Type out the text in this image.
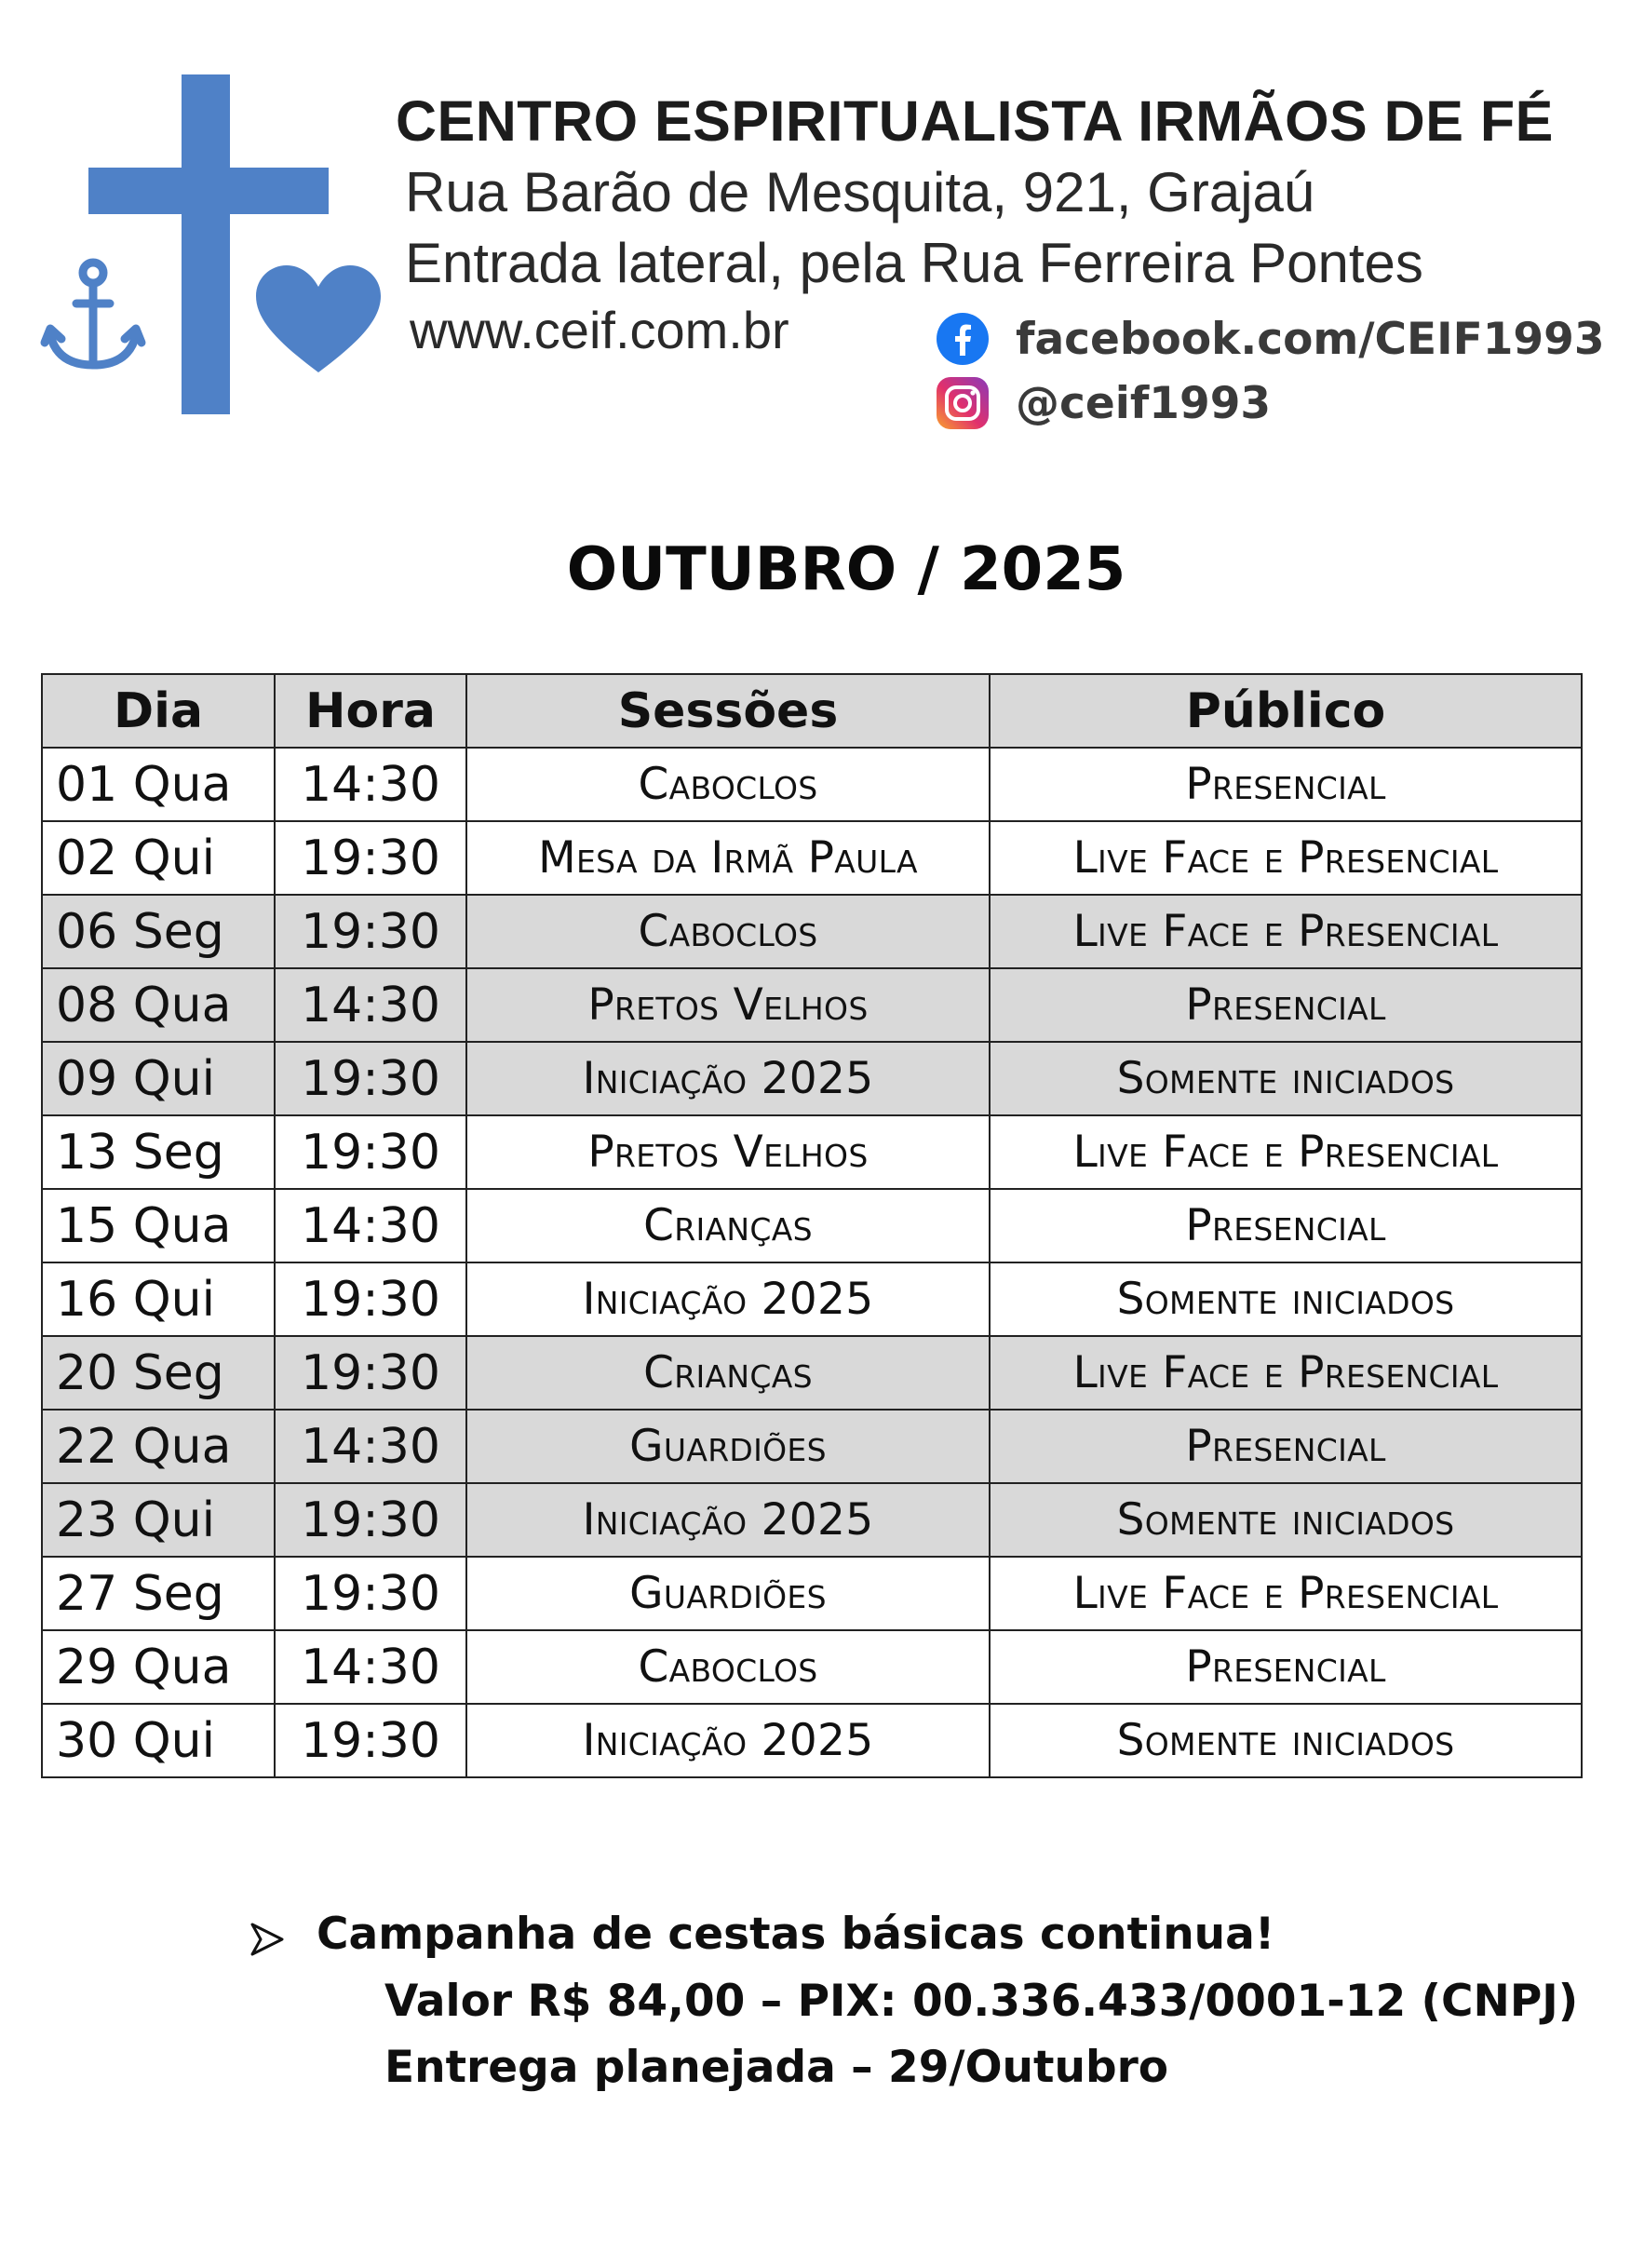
CENTRO ESPIRITUALISTA IRMÃOS DE FÉ
Rua Barão de Mesquita, 921, Grajaú
Entrada lateral, pela Rua Ferreira Pontes
www.ceif.com.br	facebook.com/CEIF1993
@ceif1993
OUTUBRO / 2025
Dia	Hora	Sessões	Público
01 Qua	14:30	Caboclos	Presencial
02 Qui	19:30	Mesa da Irmã Paula	Live Face e Presencial
06 Seg	19:30	Caboclos	Live Face e Presencial
08 Qua	14:30	Pretos Velhos	Presencial
09 Qui	19:30	Iniciação 2025	Somente iniciados
13 Seg	19:30	Pretos Velhos	Live Face e Presencial
15 Qua	14:30	Crianças	Presencial
16 Qui	19:30	Iniciação 2025	Somente iniciados
20 Seg	19:30	Crianças	Live Face e Presencial
22 Qua	14:30	Guardiões	Presencial
23 Qui	19:30	Iniciação 2025	Somente iniciados
27 Seg	19:30	Guardiões	Live Face e Presencial
29 Qua	14:30	Caboclos	Presencial
30 Qui	19:30	Iniciação 2025	Somente iniciados
Campanha de cestas básicas continua!
Valor R$ 84,00 – PIX: 00.336.433/0001-12 (CNPJ)
Entrega planejada – 29/Outubro
